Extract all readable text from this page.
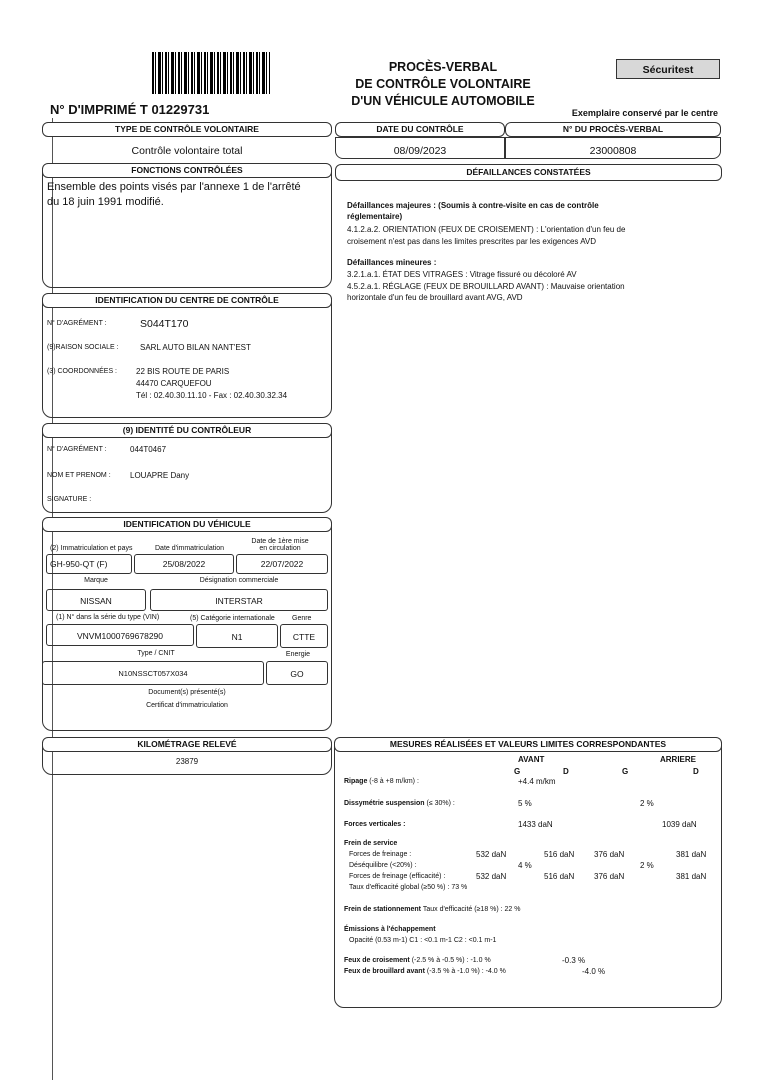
N° D'IMPRIMÉ T 01229731
PROCÈS-VERBAL
DE CONTRÔLE VOLONTAIRE
D'UN VÉHICULE AUTOMOBILE
Sécuritest
Exemplaire conservé par le centre
TYPE DE CONTRÔLE VOLONTAIRE
Contrôle volontaire total
DATE DU CONTRÔLE	N° DU PROCÈS-VERBAL
08/09/2023	23000808
FONCTIONS CONTRÔLÉES
Ensemble des points visés par l'annexe 1 de l'arrêté
du 18 juin 1991 modifié.
DÉFAILLANCES CONSTATÉES
Défaillances majeures : (Soumis à contre-visite en cas de contrôle
réglementaire)
4.1.2.a.2. ORIENTATION (FEUX DE CROISEMENT) : L'orientation d'un feu de
croisement n'est pas dans les limites prescrites par les exigences AVD
Défaillances mineures :
3.2.1.a.1. ÉTAT DES VITRAGES : Vitrage fissuré ou décoloré AV
4.5.2.a.1. RÉGLAGE (FEUX DE BROUILLARD AVANT) : Mauvaise orientation
horizontale d'un feu de brouillard avant AVG, AVD
IDENTIFICATION DU CENTRE DE CONTRÔLE
N° D'AGRÉMENT :	S044T170
(9)RAISON SOCIALE :	SARL AUTO BILAN NANT'EST
(3) COORDONNÉES : 22 BIS ROUTE DE PARIS
44470 CARQUEFOU
Tél : 02.40.30.11.10 - Fax : 02.40.30.32.34
(9) IDENTITÉ DU CONTRÔLEUR
N° D'AGRÉMENT :	044T0467
NOM ET PRENOM : LOUAPRE Dany
SIGNATURE :
IDENTIFICATION DU VÉHICULE
(2) Immatriculation et pays	Date d'immatriculation
Date de 1ère mise
en circulation
GH-950-QT (F)	25/08/2022	22/07/2022
Marque	Désignation commerciale
NISSAN	INTERSTAR
(1) N° dans la série du type (VIN)	(5) Catégorie internationale Genre
VNVM1000769678290	N1	CTTE
Type / CNIT	Energie
N10NSSCT057X034	GO
Document(s) présenté(s)
Certificat d'immatriculation
KILOMÉTRAGE RELEVÉ
23879
MESURES RÉALISÉES ET VALEURS LIMITES CORRESPONDANTES
AVANT	ARRIERE
G	D	G	D
Ripage (-8 à +8 m/km) :	+4.4 m/km
Dissymétrie suspension (≤ 30%) :	5 %	2 %
Forces verticales :	1433 daN	1039 daN
Frein de service
Forces de freinage :	532 daN	516 daN 376 daN	381 daN
Déséquilibre (<20%) :	4 %	2 %
Forces de freinage (efficacité) :	532 daN	516 daN 376 daN	381 daN
Taux d'efficacité global (≥50 %) : 73 %
Frein de stationnement Taux d'efficacité (≥18 %) : 22 %
Émissions à l'échappement
Opacité (0.53 m-1) C1 : <0.1 m-1 C2 : <0.1 m-1
Feux de croisement (-2.5 % à -0.5 %) : -1.0 %	-0.3 %
Feux de brouillard avant (-3.5 % à -1.0 %) : -4.0 %	-4.0 %
